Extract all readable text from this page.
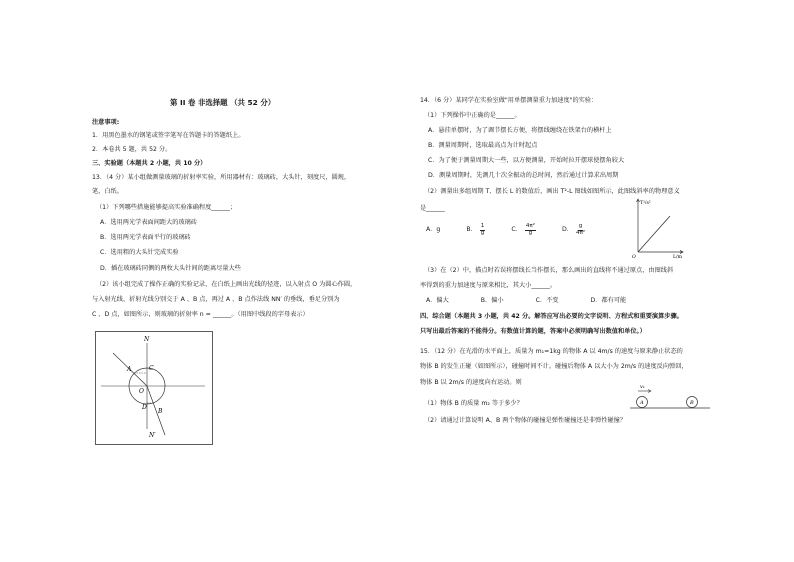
第 II 卷 非选择题 （共 52 分）
注意事项:
1．用黑色墨水的钢笔或签字笔写在答题卡的答题纸上。
2．本卷共 5 题，共 52 分。
三、实验题（本题共 2 小题，共 10 分）
13．（4 分）某小组做测量玻璃的折射率实验，所用器材有：玻璃砖，大头针，刻度尺，圆规，
笔，白纸。
（1）下列哪些措施能够提高实验准确程度______；
A．选用两光学表面间距大的玻璃砖
B．选用两光学表面平行的玻璃砖
C．选用粗的大头针完成实验
D．插在玻璃砖同侧的两枚大头针间的距离尽量大些
（2）该小组完成了操作正确的实验记录，在白纸上画出光线的径迹，以入射点 O 为圆心作圆，
与入射光线、折射光线分别交于 A 、B 点，再过 A 、B 点作法线 NN′ 的垂线，垂足分别为
C 、D 点，如图所示，则玻璃的折射率 n = ______。（用图中线段的字母表示）
N
N′
A	C
O
D
B
14．（6 分）某同学在实验室做"用单摆测量重力加速度"的实验：
（1）下列操作中正确的是______。
A．悬挂单摆时，为了调节摆长方便，将摆线缠绕在铁架台的横杆上
B．测量周期时，选取最高点为计时起点
C．为了便于测量周期大一些，以方便测量，开始时拉开摆球使摆角较大
D．测量周期时，先测几十次全振动的总时间，然后通过计算求出周期
（2）测量出多组周期 T、摆长 L 的数值后，画出 T²-L 图线如图所示，此图线斜率的物理意义
是______
A．g	B． $\frac{1}{g}$	C． $\frac{\text{4π²}}{g}$	D． $\frac{g}{\text{4π²}}$
（3）在（2）中，描点时若误将摆线长当作摆长，那么画出的直线将不通过原点，由图线斜
率得到的重力加速度与原来相比，其大小______。
A．偏大	B．偏小	C．不变	D．都有可能
四、综合题（本题共 3 小题，共 42 分。解答应写出必要的文字说明、方程式和重要演算步骤。
只写出最后答案的不能得分。有数值计算的题，答案中必须明确写出数值和单位。）
15．（12 分）在光滑的水平面上，质量为 m₁=1kg 的物体 A 以 4m/s 的速度与原来静止状态的
物体 B 的发生正碰（如图所示），碰撞时间不计。碰撞后物体 A 以大小为 2m/s 的速度反向弹回，
物体 B 以 2m/s 的速度向右运动。则
（1）物体 B 的质量 m₂ 等于多少？
（2）请通过计算说明 A、B 两个物体的碰撞是弹性碰撞还是非弹性碰撞？
T²/s²
L/m
O
v₁
A	B
